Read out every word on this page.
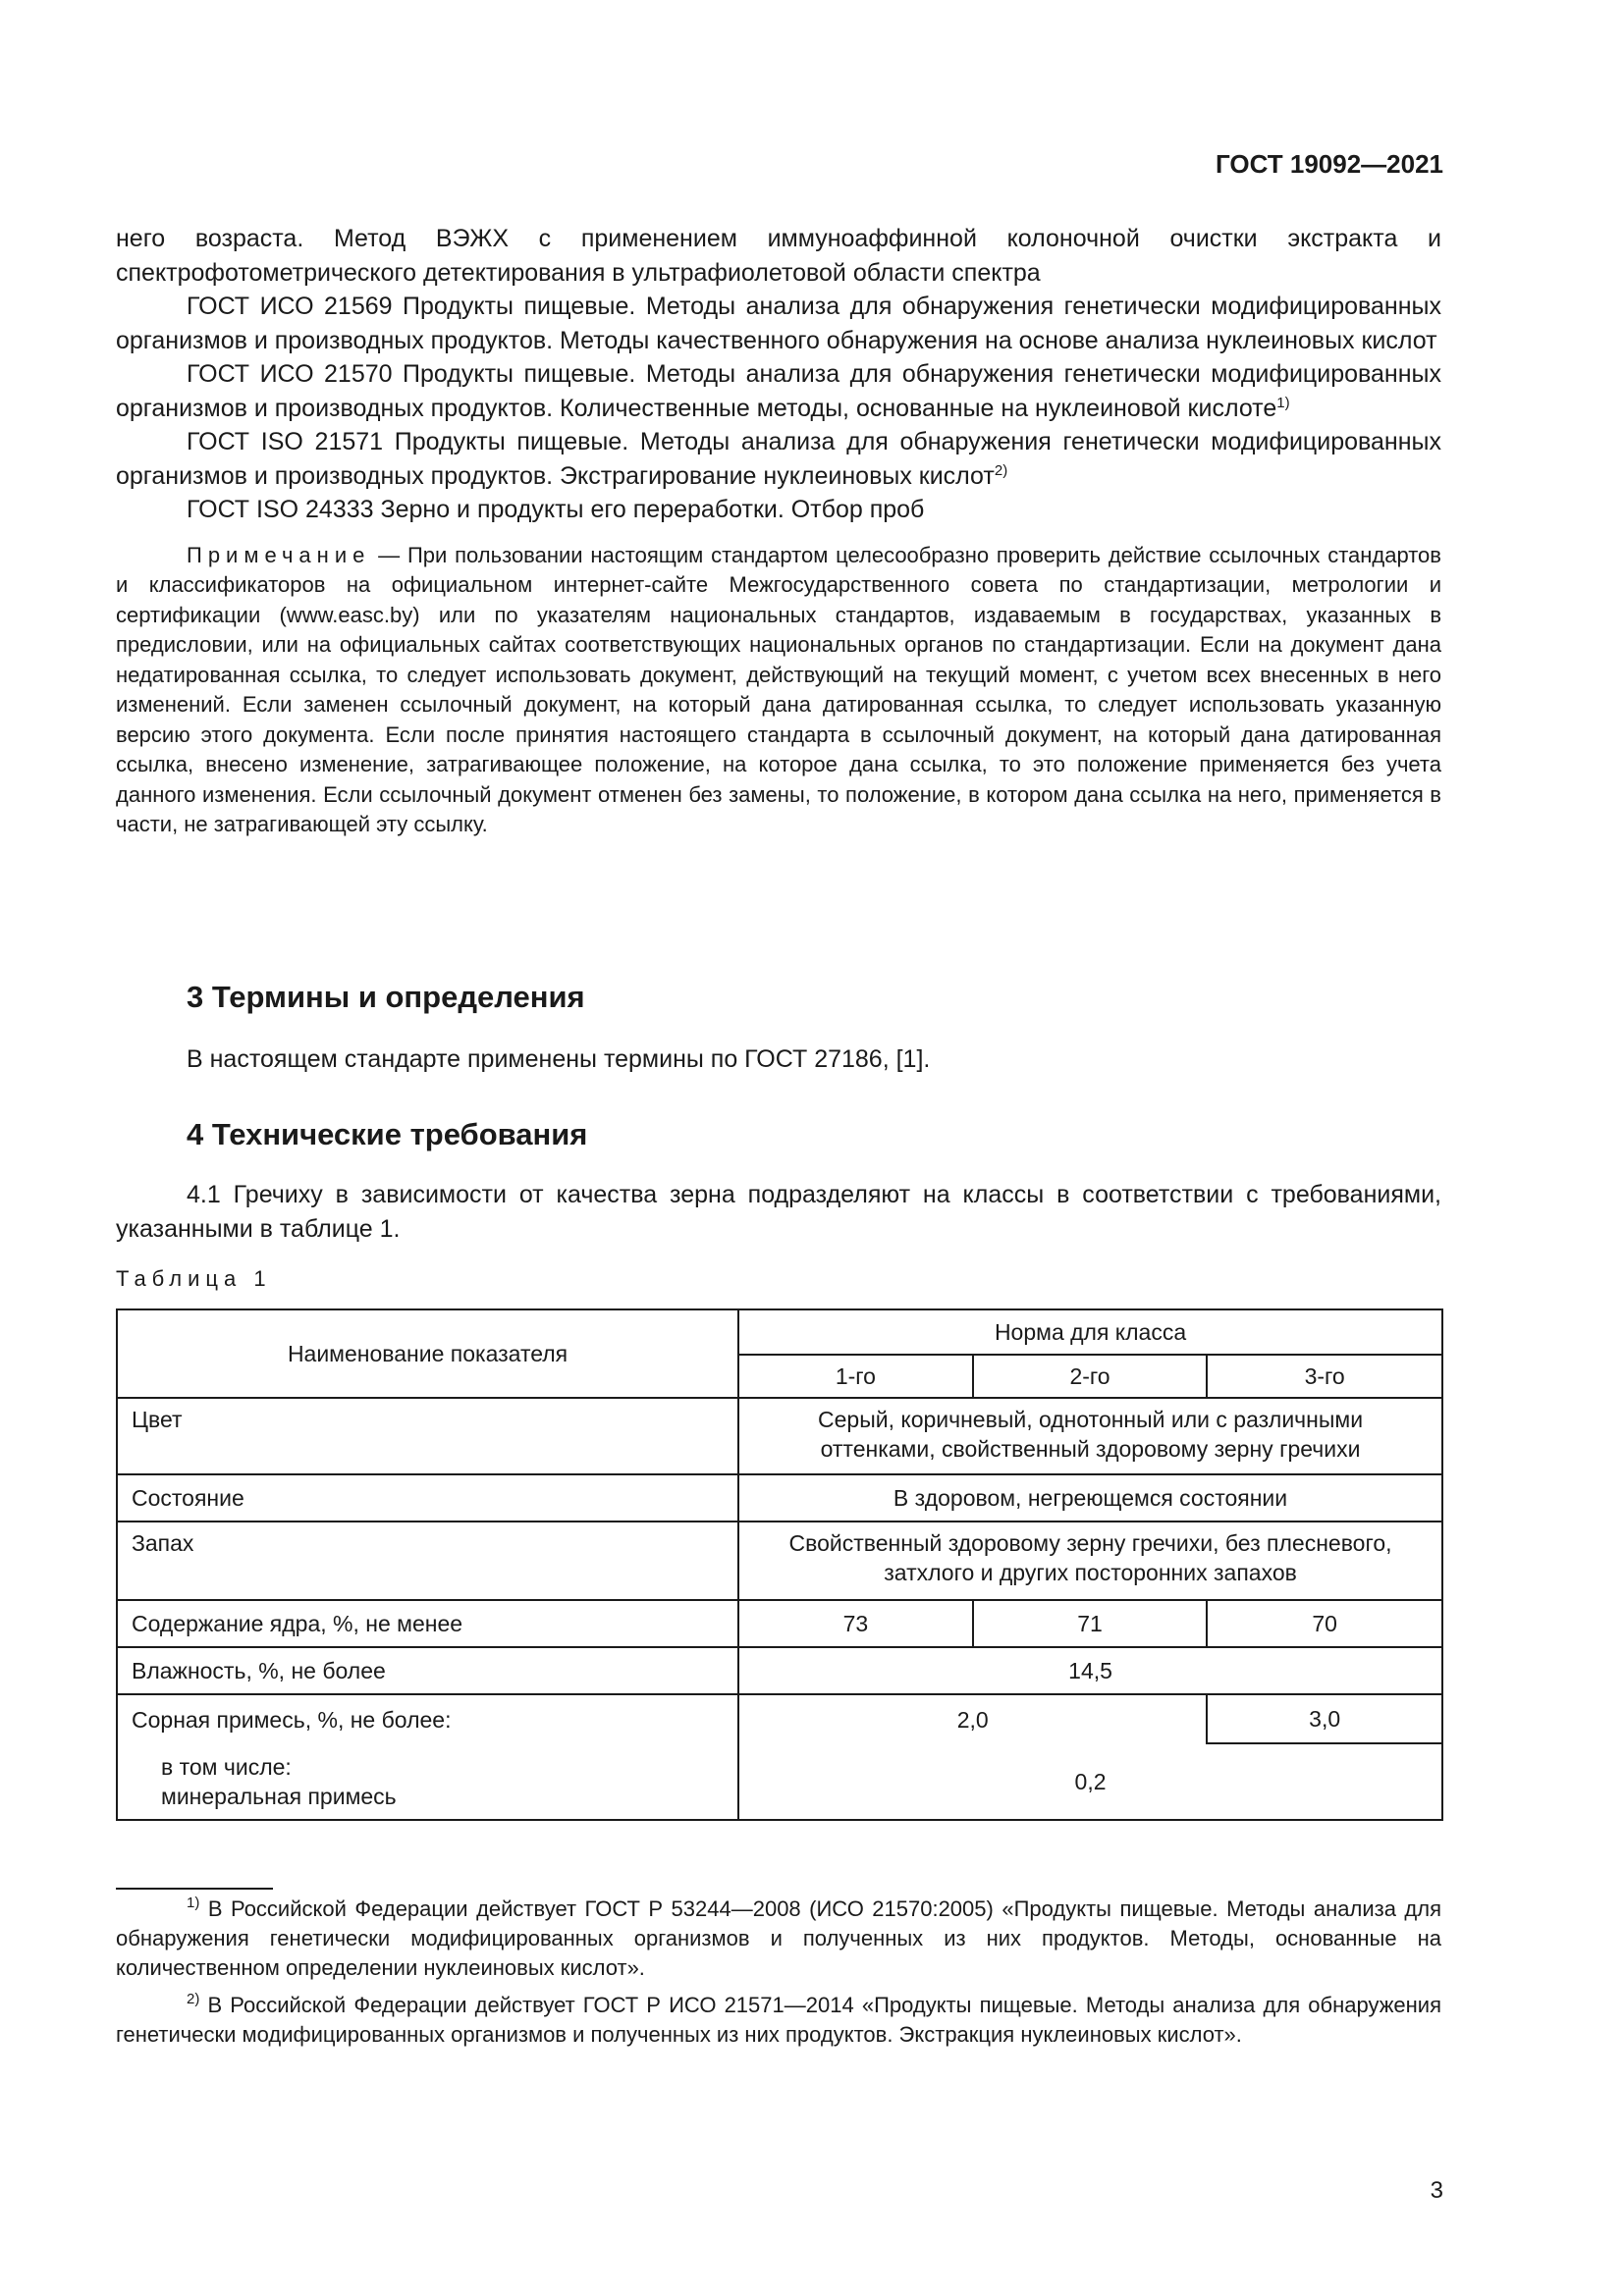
ГОСТ 19092—2021

него возраста. Метод ВЭЖХ с применением иммуноаффинной колоночной очистки экстракта и спектрофотометрического детектирования в ультрафиолетовой области спектра

ГОСТ ИСО 21569 Продукты пищевые. Методы анализа для обнаружения генетически модифицированных организмов и производных продуктов. Методы качественного обнаружения на основе анализа нуклеиновых кислот

ГОСТ ИСО 21570 Продукты пищевые. Методы анализа для обнаружения генетически модифицированных организмов и производных продуктов. Количественные методы, основанные на нуклеиновой кислоте$^{1)}$

ГОСТ ISO 21571 Продукты пищевые. Методы анализа для обнаружения генетически модифицированных организмов и производных продуктов. Экстрагирование нуклеиновых кислот$^{2)}$

ГОСТ ISO 24333 Зерно и продукты его переработки. Отбор проб

Примечание — При пользовании настоящим стандартом целесообразно проверить действие ссылочных стандартов и классификаторов на официальном интернет-сайте Межгосударственного совета по стандартизации, метрологии и сертификации (www.easc.by) или по указателям национальных стандартов, издаваемым в государствах, указанных в предисловии, или на официальных сайтах соответствующих национальных органов по стандартизации. Если на документ дана недатированная ссылка, то следует использовать документ, действующий на текущий момент, с учетом всех внесенных в него изменений. Если заменен ссылочный документ, на который дана датированная ссылка, то следует использовать указанную версию этого документа. Если после принятия настоящего стандарта в ссылочный документ, на который дана датированная ссылка, внесено изменение, затрагивающее положение, на которое дана ссылка, то это положение применяется без учета данного изменения. Если ссылочный документ отменен без замены, то положение, в котором дана ссылка на него, применяется в части, не затрагивающей эту ссылку.

3 Термины и определения

В настоящем стандарте применены термины по ГОСТ 27186, [1].

4 Технические требования

4.1 Гречиху в зависимости от качества зерна подразделяют на классы в соответствии с требованиями, указанными в таблице 1.

Таблица 1
Наименование показателя	Норма для класса		
	1-го	2-го	3-го
Цвет	Серый, коричневый, однотонный или с различными оттенками, свойственный здоровому зерну гречихи		
Состояние	В здоровом, негреющемся состоянии		
Запах	Свойственный здоровому зерну гречихи, без плесневого, затхлого и других посторонних запахов		
Содержание ядра, %, не менее	73	71	70
Влажность, %, не более	14,5		
Сорная примесь, %, не более:	2,0		3,0

в том числе:
минеральная примесь	0,2		

$^{1)}$ В Российской Федерации действует ГОСТ Р 53244—2008 (ИСО 21570:2005) «Продукты пищевые. Методы анализа для обнаружения генетически модифицированных организмов и полученных из них продуктов. Методы, основанные на количественном определении нуклеиновых кислот».

$^{2)}$ В Российской Федерации действует ГОСТ Р ИСО 21571—2014 «Продукты пищевые. Методы анализа для обнаружения генетически модифицированных организмов и полученных из них продуктов. Экстракция нуклеиновых кислот».

3
